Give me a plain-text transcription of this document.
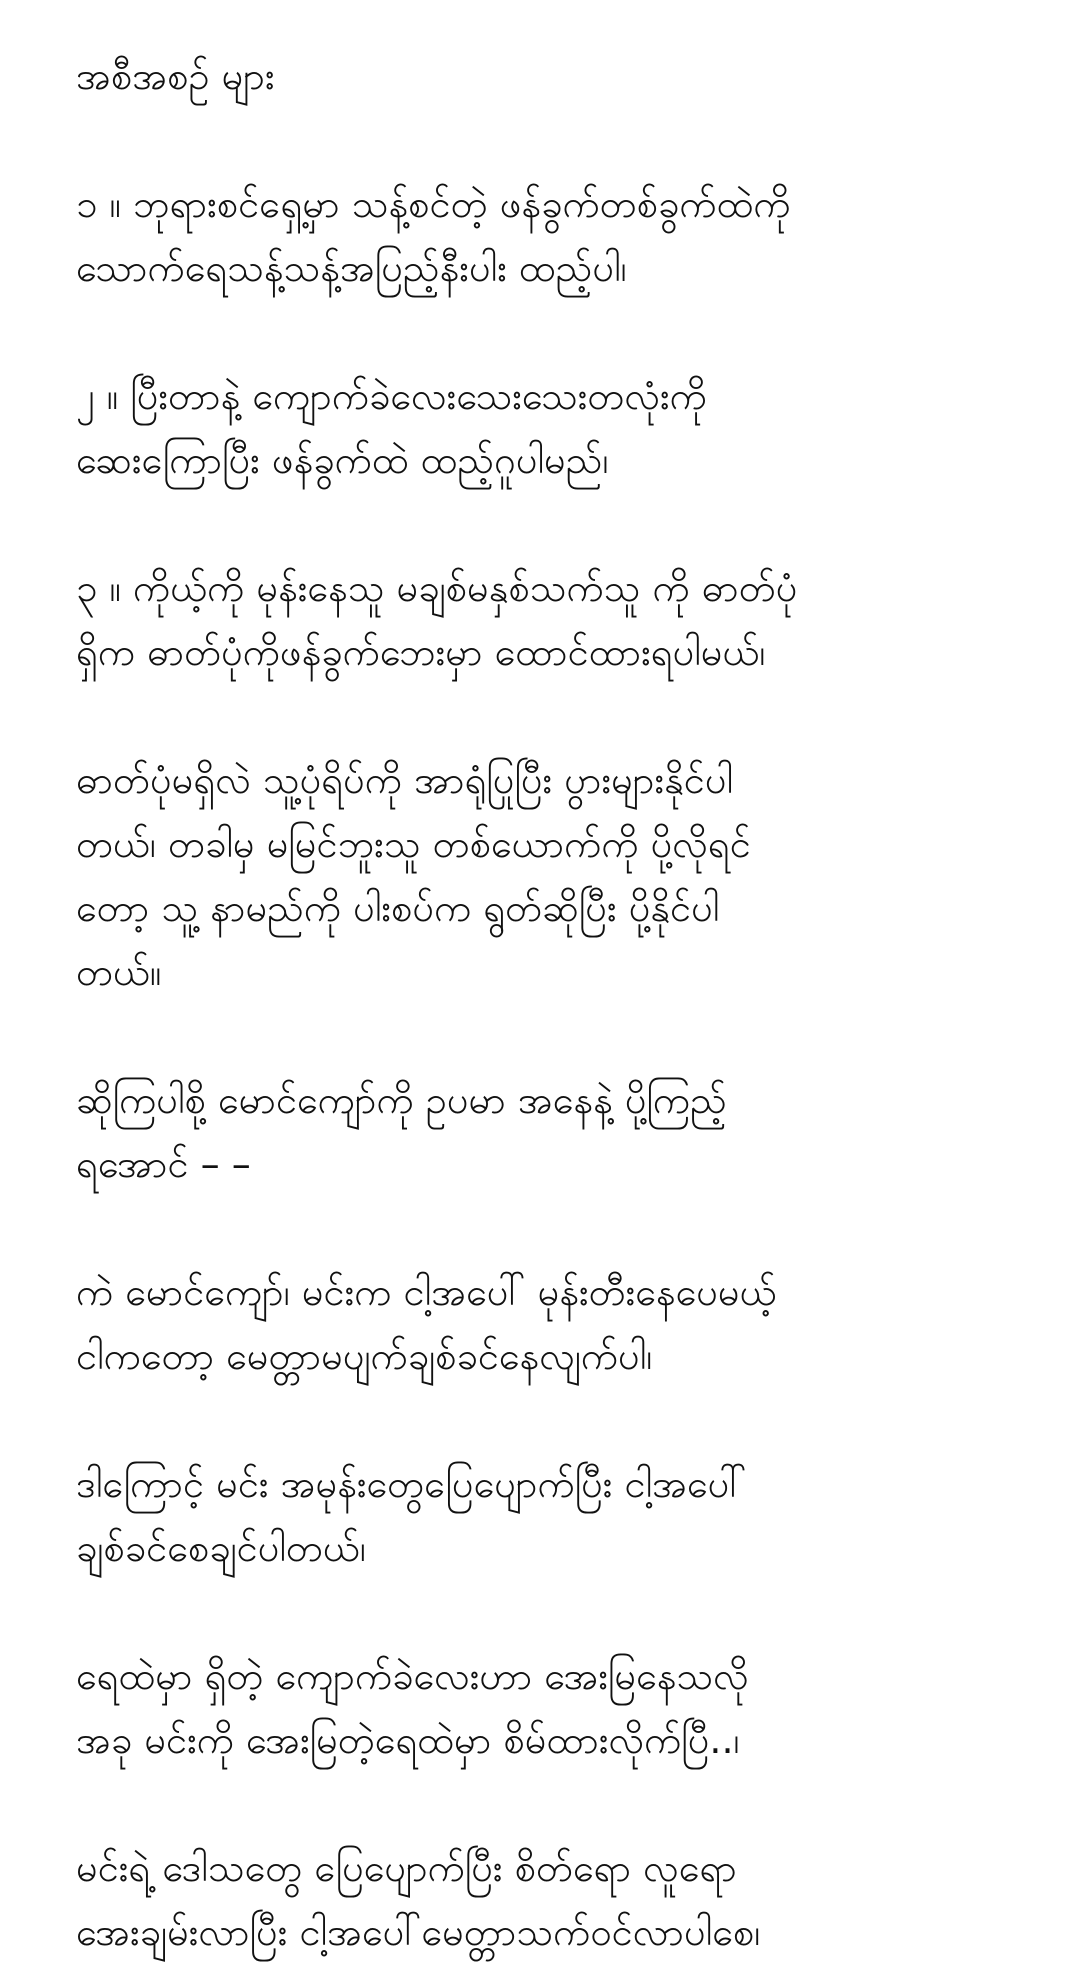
အစီအစဉ် များ
၁ ။ ဘုရားစင်ရှေ့မှာ သန့်စင်တဲ့ ဖန်ခွက်တစ်ခွက်ထဲကို
သောက်ရေသန့်သန့်အပြည့်နီးပါး ထည့်ပါ၊
၂ ။ ပြီးတာနဲ့ ကျောက်ခဲလေးသေးသေးတလုံးကို
ဆေးကြောပြီး ဖန်ခွက်ထဲ ထည့်ဂူပါမည်၊
၃ ။ ကိုယ့်ကို မုန်းနေသူ မချစ်မနှစ်သက်သူ ကို ဓာတ်ပုံ
ရှိက ဓာတ်ပုံကိုဖန်ခွက်ဘေးမှာ ထောင်ထားရပါမယ်၊
ဓာတ်ပုံမရှိလဲ သူ့ပုံရိပ်ကို အာရုံပြုပြီး ပွားများနိုင်ပါ
တယ်၊ တခါမှ မမြင်ဘူးသူ တစ်ယောက်ကို ပို့လိုရင်
တော့ သူ့ နာမည်ကို ပါးစပ်က ရွတ်ဆိုပြီး ပို့နိုင်ပါ
တယ်။
ဆိုကြပါစို့ မောင်ကျော်ကို ဥပမာ အနေနဲ့ ပို့ကြည့်
ရအောင် – –
ကဲ မောင်ကျော်၊ မင်းက ငါ့အပေါ် မုန်းတီးနေပေမယ့်
ငါကတော့ မေတ္တာမပျက်ချစ်ခင်နေလျက်ပါ၊
ဒါကြောင့် မင်း အမုန်းတွေပြေပျောက်ပြီး ငါ့အပေါ်
ချစ်ခင်စေချင်ပါတယ်၊
ရေထဲမှာ ရှိတဲ့ ကျောက်ခဲလေးဟာ အေးမြနေသလို
အခု မင်းကို အေးမြတဲ့ရေထဲမှာ စိမ်ထားလိုက်ပြီ..၊
မင်းရဲ့ ဒေါသတွေ ပြေပျောက်ပြီး စိတ်ရော လူရော
အေးချမ်းလာပြီး ငါ့အပေါ်မေတ္တာသက်ဝင်လာပါစေ၊
